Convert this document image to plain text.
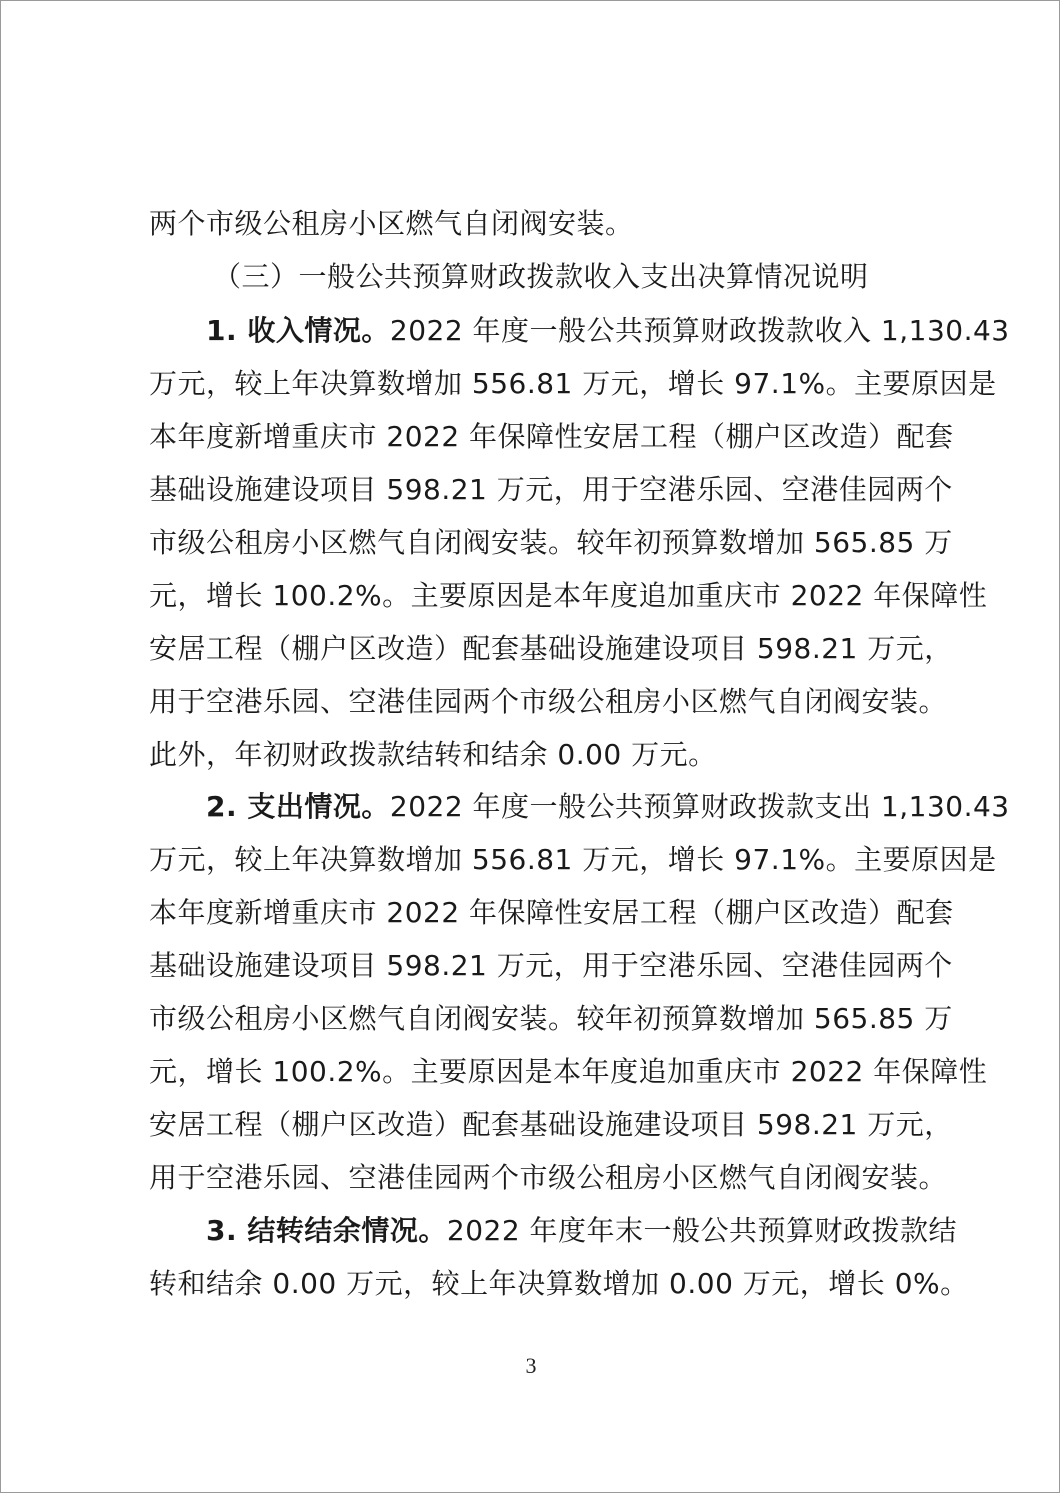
两个市级公租房小区燃气自闭阀安装。
（三）一般公共预算财政拨款收入支出决算情况说明
1. 收入情况。2022 年度一般公共预算财政拨款收入 1,130.43
万元，较上年决算数增加 556.81 万元，增长 97.1%。主要原因是
本年度新增重庆市 2022 年保障性安居工程（棚户区改造）配套
基础设施建设项目 598.21 万元，用于空港乐园、空港佳园两个
市级公租房小区燃气自闭阀安装。较年初预算数增加 565.85 万
元，增长 100.2%。主要原因是本年度追加重庆市 2022 年保障性
安居工程（棚户区改造）配套基础设施建设项目 598.21 万元，
用于空港乐园、空港佳园两个市级公租房小区燃气自闭阀安装。
此外，年初财政拨款结转和结余 0.00 万元。
2. 支出情况。2022 年度一般公共预算财政拨款支出 1,130.43
万元，较上年决算数增加 556.81 万元，增长 97.1%。主要原因是
本年度新增重庆市 2022 年保障性安居工程（棚户区改造）配套
基础设施建设项目 598.21 万元，用于空港乐园、空港佳园两个
市级公租房小区燃气自闭阀安装。较年初预算数增加 565.85 万
元，增长 100.2%。主要原因是本年度追加重庆市 2022 年保障性
安居工程（棚户区改造）配套基础设施建设项目 598.21 万元，
用于空港乐园、空港佳园两个市级公租房小区燃气自闭阀安装。
3. 结转结余情况。2022 年度年末一般公共预算财政拨款结
转和结余 0.00 万元，较上年决算数增加 0.00 万元，增长 0%。
3
